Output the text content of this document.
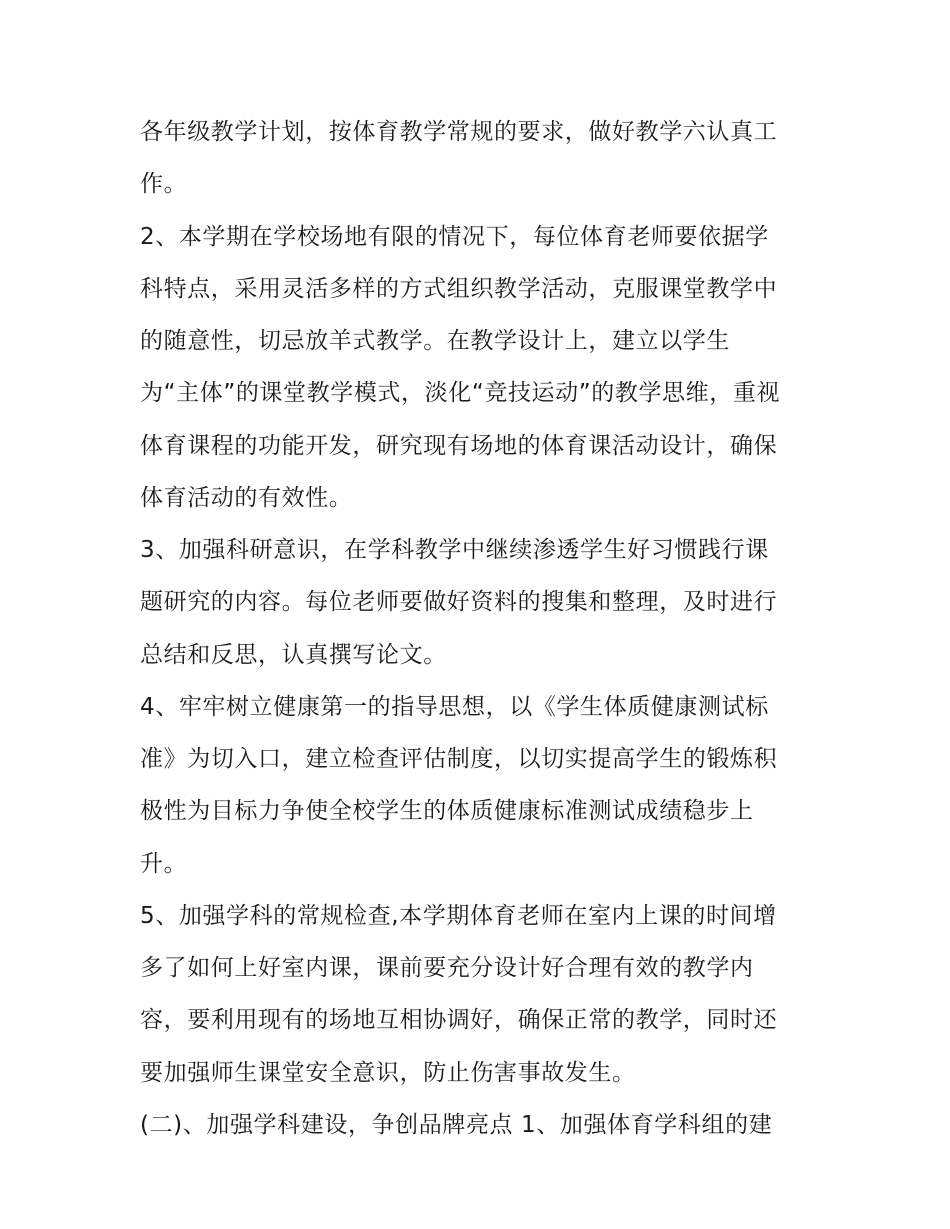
各年级教学计划，按体育教学常规的要求，做好教学六认真工
作。
2、本学期在学校场地有限的情况下，每位体育老师要依据学
科特点，采用灵活多样的方式组织教学活动，克服课堂教学中
的随意性，切忌放羊式教学。在教学设计上，建立以学生
为“主体”的课堂教学模式，淡化“竞技运动”的教学思维，重视
体育课程的功能开发，研究现有场地的体育课活动设计，确保
体育活动的有效性。
3、加强科研意识，在学科教学中继续渗透学生好习惯践行课
题研究的内容。每位老师要做好资料的搜集和整理，及时进行
总结和反思，认真撰写论文。
4、牢牢树立健康第一的指导思想，以《学生体质健康测试标
准》为切入口，建立检查评估制度，以切实提高学生的锻炼积
极性为目标力争使全校学生的体质健康标准测试成绩稳步上
升。
5、加强学科的常规检查,本学期体育老师在室内上课的时间增
多了如何上好室内课，课前要充分设计好合理有效的教学内
容，要利用现有的场地互相协调好，确保正常的教学，同时还
要加强师生课堂安全意识，防止伤害事故发生。
(二)、加强学科建设，争创品牌亮点 1、加强体育学科组的建
